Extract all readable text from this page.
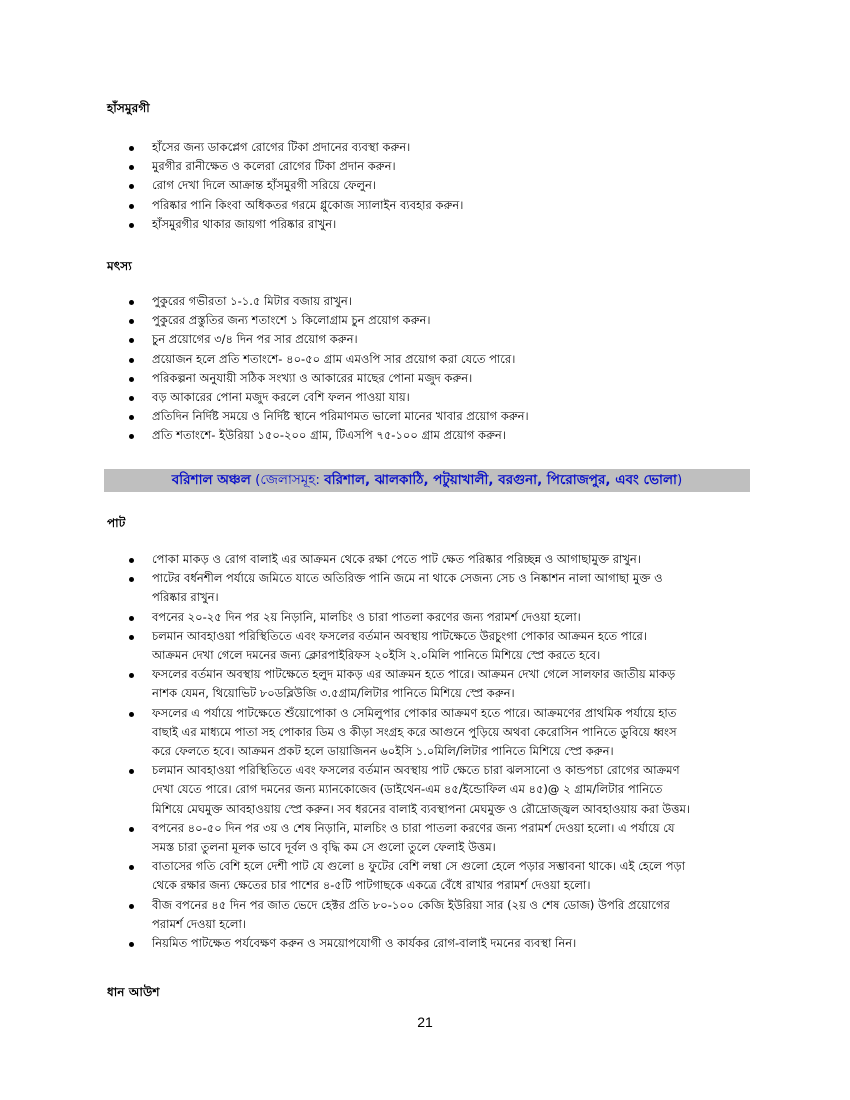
হাঁসমুরগী
হাঁসের জন্য ডাকপ্লেগ রোগের টিকা প্রদানের ব্যবস্থা করুন।
মুরগীর রানীক্ষেত ও কলেরা রোগের টিকা প্রদান করুন।
রোগ দেখা দিলে আক্রান্ত হাঁসমুরগী সরিয়ে ফেলুন।
পরিষ্কার পানি কিংবা অধিকতর গরমে গ্লুকোজ স্যালাইন ব্যবহার করুন।
হাঁসমুরগীর থাকার জায়গা পরিষ্কার রাখুন।
মৎস্য
পুকুরের গভীরতা ১-১.৫ মিটার বজায় রাখুন।
পুকুরের প্রস্তুতির জন্য শতাংশে ১ কিলোগ্রাম চুন প্রয়োগ করুন।
চুন প্রয়োগের ৩/৪ দিন পর সার প্রয়োগ করুন।
প্রয়োজন হলে প্রতি শতাংশে- ৪০-৫০ গ্রাম এমওপি সার প্রয়োগ করা যেতে পারে।
পরিকল্পনা অনুযায়ী সঠিক সংখ্যা ও আকারের মাছের পোনা মজুদ করুন।
বড় আকারের পোনা মজুদ করলে বেশি ফলন পাওয়া যায়।
প্রতিদিন নির্দিষ্ট সময়ে ও নির্দিষ্ট স্থানে পরিমাণমত ভালো মানের খাবার প্রয়োগ করুন।
প্রতি শতাংশে- ইউরিয়া ১৫০-২০০ গ্রাম, টিএসপি ৭৫-১০০ গ্রাম প্রয়োগ করুন।
বরিশাল অঞ্চল (জেলাসমূহ: বরিশাল, ঝালকাঠি, পটুয়াখালী, বরগুনা, পিরোজপুর, এবং ভোলা)
পাট
পোকা মাকড় ও রোগ বালাই এর আক্রমন থেকে রক্ষা পেতে পাট ক্ষেত পরিষ্কার পরিচ্ছন্ন ও আগাছামুক্ত রাখুন।
পাটের বর্ধনশীল পর্যায়ে জমিতে যাতে অতিরিক্ত পানি জমে না থাকে সেজন্য সেচ ও নিষ্কাশন নালা আগাছা মুক্ত ও
পরিষ্কার রাখুন।
বপনের ২০-২৫ দিন পর ২য় নিড়ানি, মালচিং ও চারা পাতলা করণের জন্য পরামর্শ দেওয়া হলো।
চলমান আবহাওয়া পরিস্থিতিতে এবং ফসলের বর্তমান অবস্থায় পাটক্ষেতে উরচুংগা পোকার আক্রমন হতে পারে।
আক্রমন দেখা গেলে দমনের জন্য ক্লোরপাইরিফস ২০ইসি ২.০মিলি পানিতে মিশিয়ে স্প্রে করতে হবে।
ফসলের বর্তমান অবস্থায় পাটক্ষেতে হলুদ মাকড় এর আক্রমন হতে পারে। আক্রমন দেখা গেলে সালফার জাতীয় মাকড়
নাশক যেমন, থিয়োভিট ৮০ডব্লিউজি ৩.৫গ্রাম/লিটার পানিতে মিশিয়ে স্প্রে করুন।
ফসলের এ পর্যায়ে পাটক্ষেতে শুঁয়োপোকা ও সেমিলুপার পোকার আক্রমণ হতে পারে। আক্রমণের প্রাথমিক পর্যায়ে হাত
বাছাই এর মাধ্যমে পাতা সহ পোকার ডিম ও কীড়া সংগ্রহ করে আগুনে পুড়িয়ে অথবা কেরোসিন পানিতে ডুবিয়ে ধ্বংস
করে ফেলতে হবে। আক্রমন প্রকট হলে ডায়াজিনন ৬০ইসি ১.০মিলি/লিটার পানিতে মিশিয়ে স্প্রে করুন।
চলমান আবহাওয়া পরিস্থিতিতে এবং ফসলের বর্তমান অবস্থায় পাট ক্ষেতে চারা ঝলসানো ও কান্ডপচা রোগের আক্রমণ
দেখা যেতে পারে। রোগ দমনের জন্য ম্যানকোজেব (ডাইথেন-এম ৪৫/ইন্ডোফিল এম ৪৫)@ ২ গ্রাম/লিটার পানিতে
মিশিয়ে মেঘমুক্ত আবহাওয়ায় স্প্রে করুন। সব ধরনের বালাই ব্যবস্থাপনা মেঘমুক্ত ও রৌদ্রোজ্জ্বল আবহাওয়ায় করা উত্তম।
বপনের ৪০-৫০ দিন পর ৩য় ও শেষ নিড়ানি, মালচিং ও চারা পাতলা করণের জন্য পরামর্শ দেওয়া হলো। এ পর্যায়ে যে
সমস্ত চারা তুলনা মূলক ভাবে দূর্বল ও বৃদ্ধি কম সে গুলো তুলে ফেলাই উত্তম।
বাতাসের গতি বেশি হলে দেশী পাট যে গুলো ৪ ফুটের বেশি লম্বা সে গুলো হেলে পড়ার সম্ভাবনা থাকে। এই হেলে পড়া
থেকে রক্ষার জন্য ক্ষেতের চার পাশের ৪-৫টি পাটগাছকে একত্রে বেঁধে রাখার পরামর্শ দেওয়া হলো।
বীজ বপনের ৪৫ দিন পর জাত ভেদে হেক্টর প্রতি ৮০-১০০ কেজি ইউরিয়া সার (২য় ও শেষ ডোজ) উপরি প্রয়োগের
পরামর্শ দেওয়া হলো।
নিয়মিত পাটক্ষেত পর্যবেক্ষণ করুন ও সময়োপযোগী ও কার্যকর রোগ-বালাই দমনের ব্যবস্থা নিন।
ধান আউশ
21
